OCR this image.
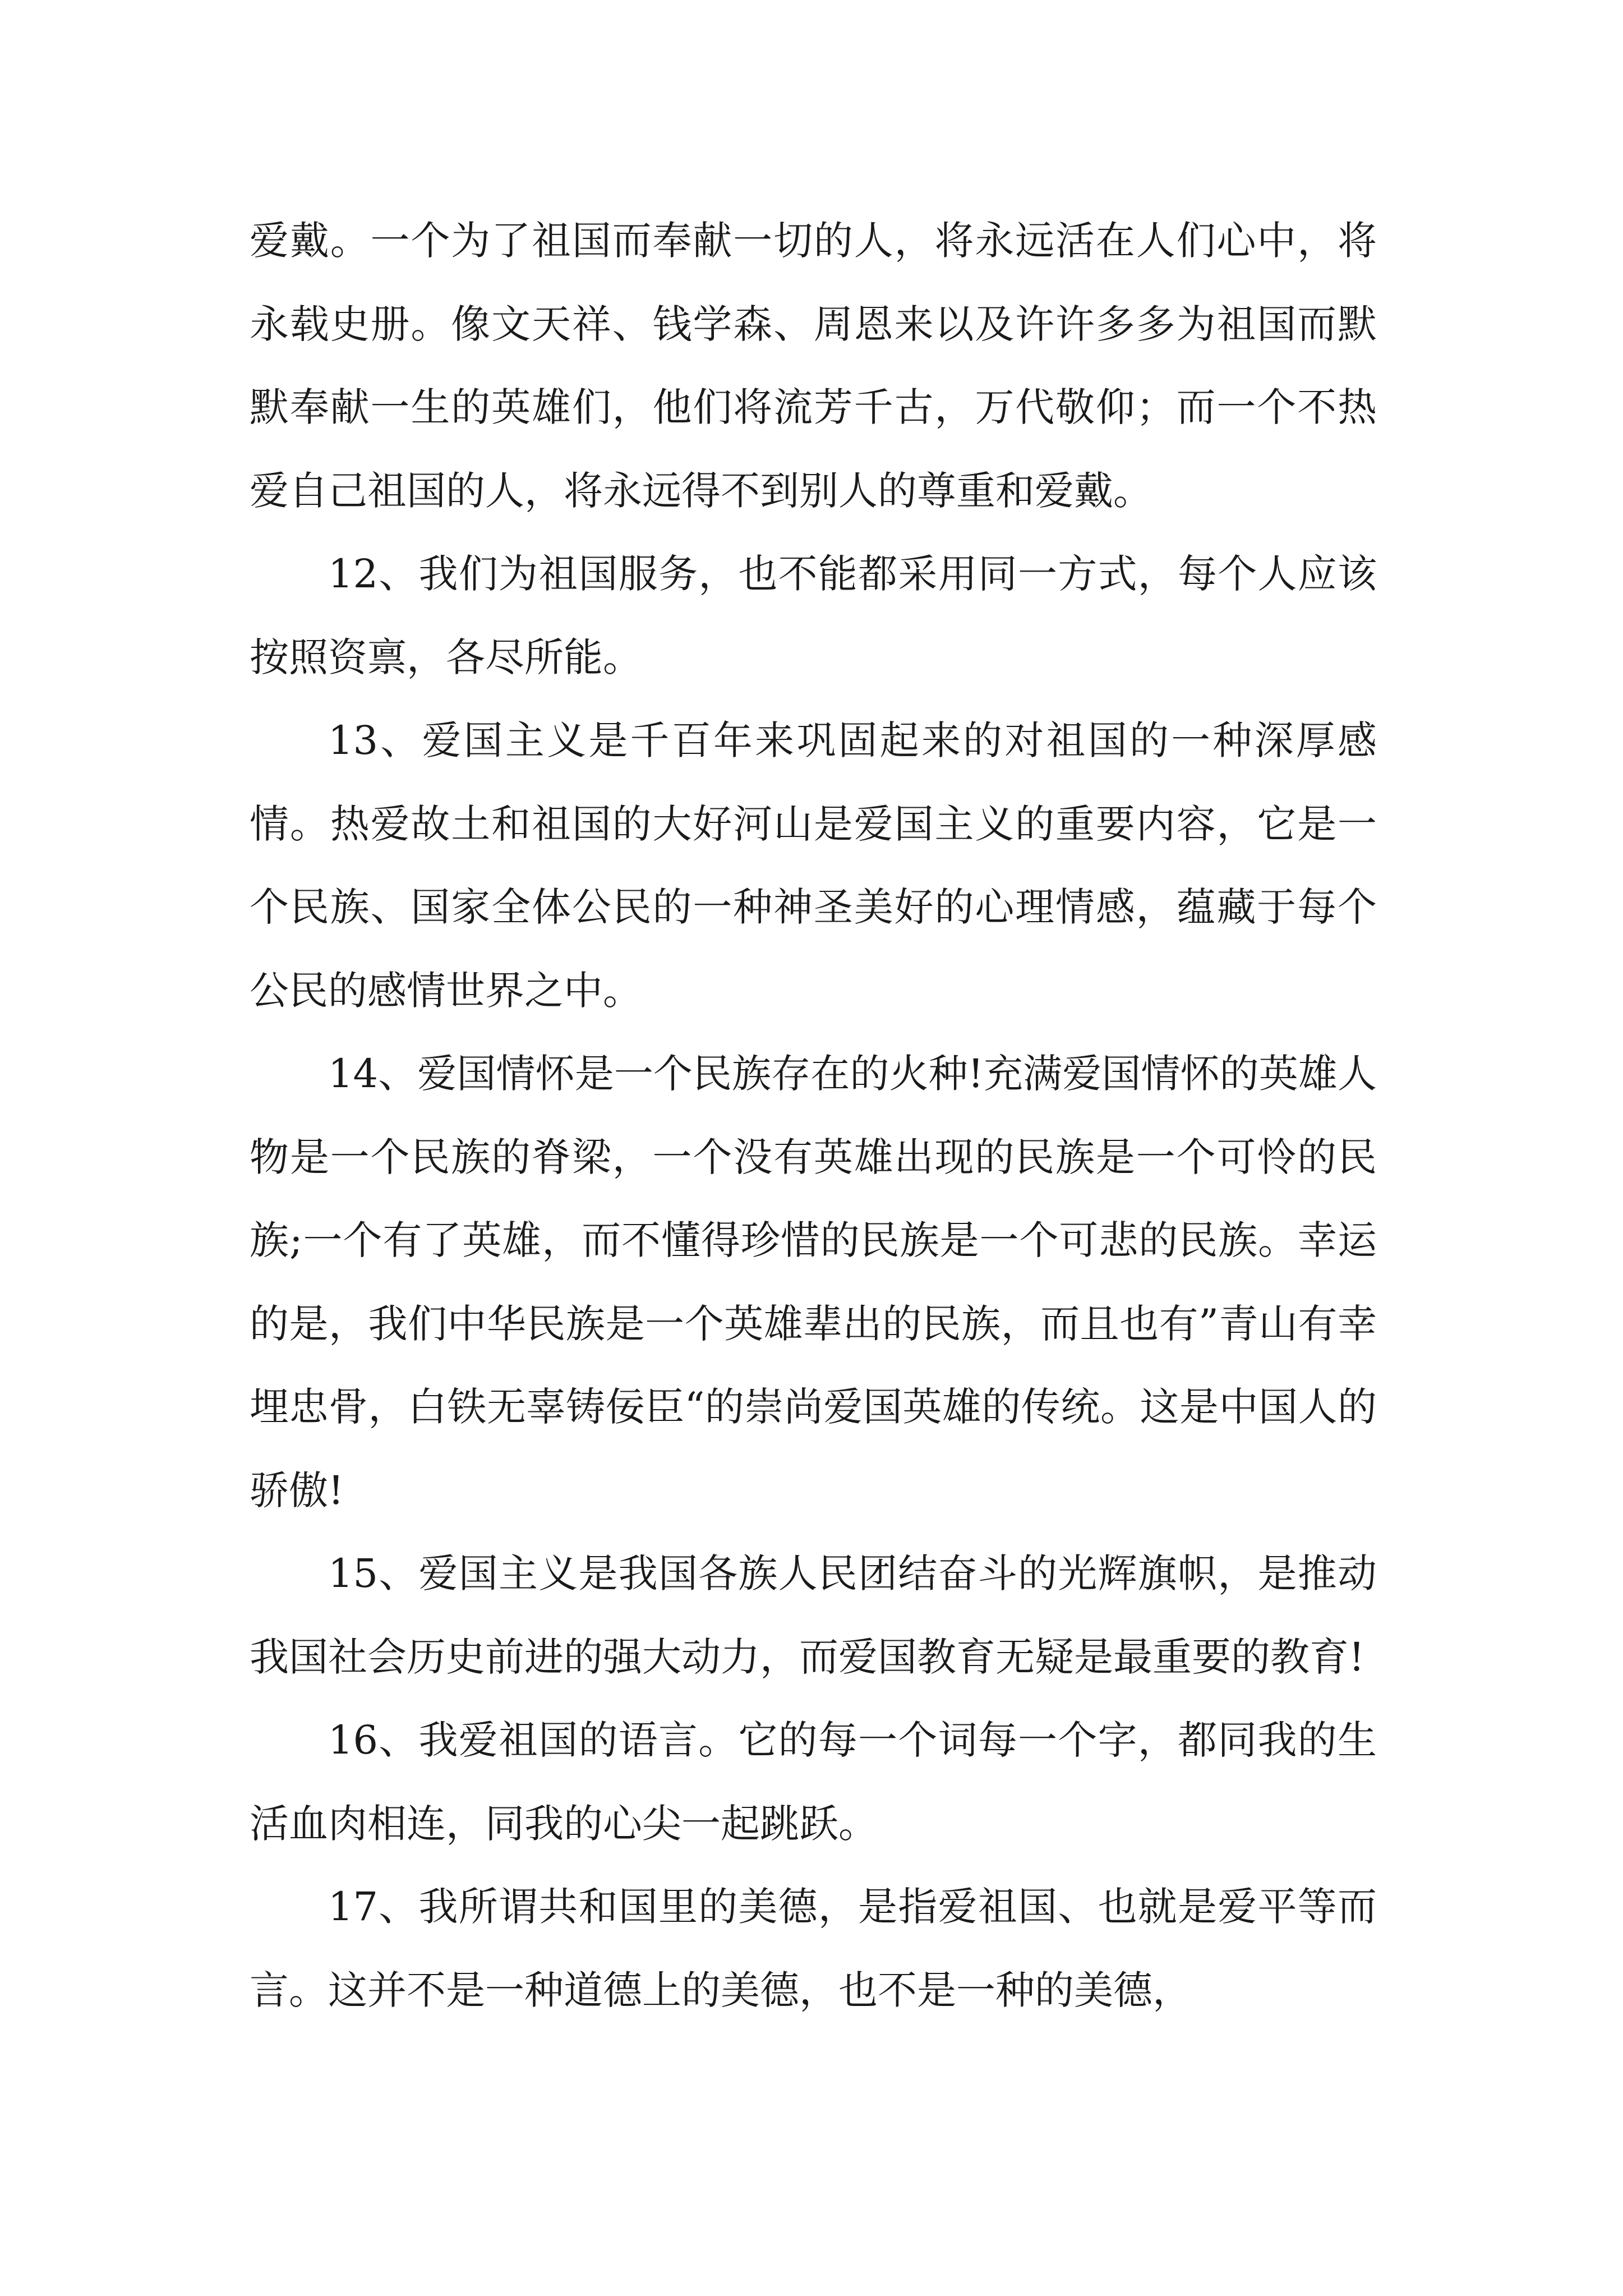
爱戴。一个为了祖国而奉献一切的人，将永远活在人们心中，将永载史册。像文天祥、钱学森、周恩来以及许许多多为祖国而默默奉献一生的英雄们，他们将流芳千古，万代敬仰；而一个不热爱自己祖国的人，将永远得不到别人的尊重和爱戴。

12、我们为祖国服务，也不能都采用同一方式，每个人应该按照资禀，各尽所能。

13、爱国主义是千百年来巩固起来的对祖国的一种深厚感情。热爱故土和祖国的大好河山是爱国主义的重要内容，它是一个民族、国家全体公民的一种神圣美好的心理情感，蕴藏于每个公民的感情世界之中。

14、爱国情怀是一个民族存在的火种!充满爱国情怀的英雄人物是一个民族的脊梁，一个没有英雄出现的民族是一个可怜的民族;一个有了英雄，而不懂得珍惜的民族是一个可悲的民族。幸运的是，我们中华民族是一个英雄辈出的民族，而且也有”青山有幸埋忠骨，白铁无辜铸佞臣“的崇尚爱国英雄的传统。这是中国人的骄傲!

15、爱国主义是我国各族人民团结奋斗的光辉旗帜，是推动我国社会历史前进的强大动力，而爱国教育无疑是最重要的教育!

16、我爱祖国的语言。它的每一个词每一个字，都同我的生活血肉相连，同我的心尖一起跳跃。

17、我所谓共和国里的美德，是指爱祖国、也就是爱平等而言。这并不是一种道德上的美德，也不是一种的美德，
